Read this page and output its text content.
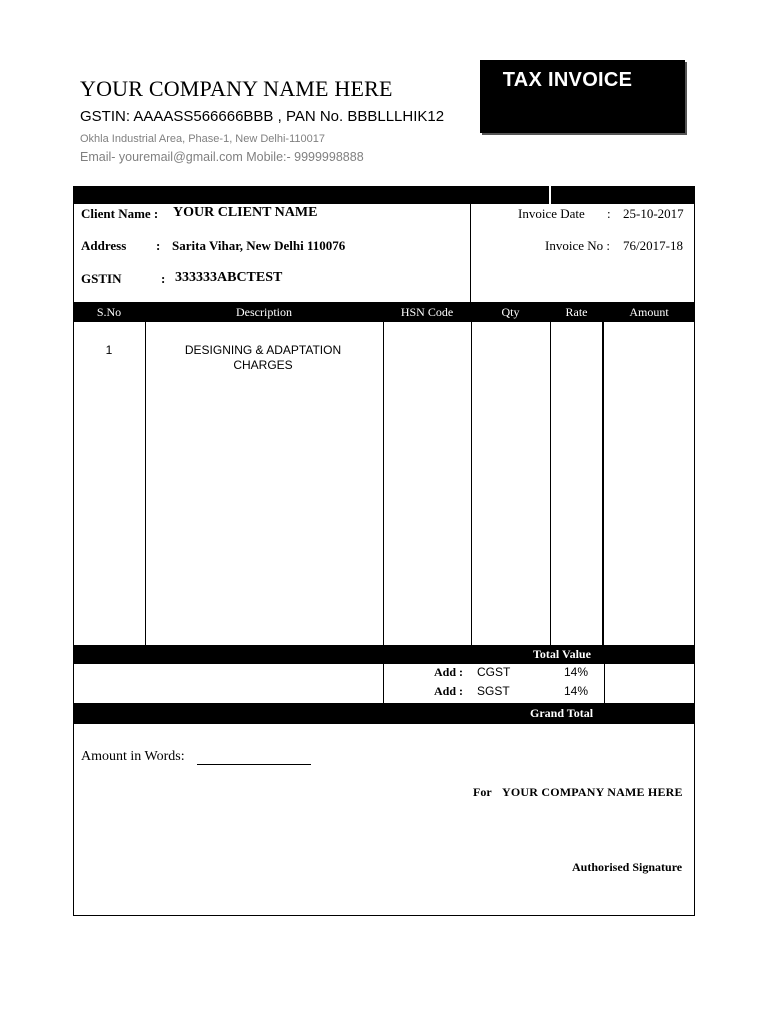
YOUR COMPANY NAME HERE
GSTIN: AAAASS566666BBB , PAN No. BBBLLLHIK12
Okhla Industrial Area, Phase-1, New Delhi-110017
Email- youremail@gmail.com Mobile:- 9999998888
TAX INVOICE
Client Name : YOUR CLIENT NAME
Address : Sarita Vihar, New Delhi 110076
GSTIN	: 333333ABCTEST
Invoice Date : 25-10-2017
Invoice No : 76/2017-18
S.No	Description	HSN Code	Qty	Rate	Amount
1	DESIGNING & ADAPTATION CHARGES
Total Value
Add : CGST	14%
Add : SGST	14%
Grand Total
Amount in Words:
For YOUR COMPANY NAME HERE
Authorised Signature
